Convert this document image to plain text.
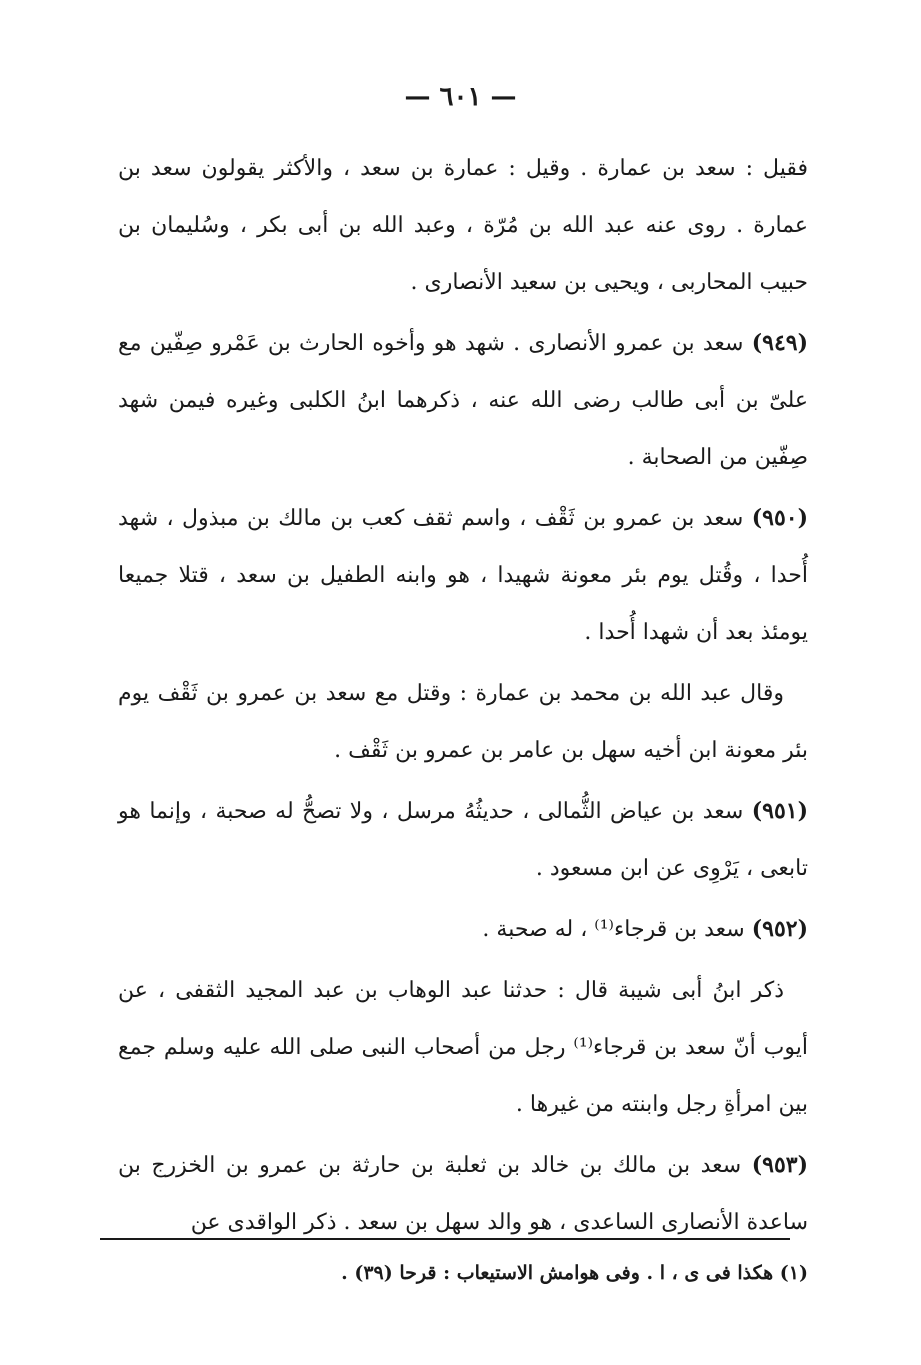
— ٦٠١ —

فقيل : سعد بن عمارة . وقيل : عمارة بن سعد ، والأكثر يقولون سعد بن عمارة . روى عنه عبد الله بن مُرّة ، وعبد الله بن أبى بكر ، وسُليمان بن حبيب المحاربى ، ويحيى بن سعيد الأنصارى .

(٩٤٩) سعد بن عمرو الأنصارى . شهد هو وأخوه الحارث بن عَمْرو صِفّين مع علىّ بن أبى طالب رضى الله عنه ، ذكرهما ابنُ الكلبى وغيره فيمن شهد صِفّين من الصحابة .

(٩٥٠) سعد بن عمرو بن ثَقْف ، واسم ثقف كعب بن مالك بن مبذول ، شهد أُحدا ، وقُتل يوم بئر معونة شهيدا ، هو وابنه الطفيل بن سعد ، قتلا جميعا يومئذ بعد أن شهدا أُحدا .

وقال عبد الله بن محمد بن عمارة : وقتل مع سعد بن عمرو بن ثَقْف يوم بئر معونة ابن أخيه سهل بن عامر بن عمرو بن ثَقْف .

(٩٥١) سعد بن عياض الثُّمالى ، حديثُهُ مرسل ، ولا تصحُّ له صحبة ، وإنما هو تابعى ، يَرْوِى عن ابن مسعود .

(٩٥٢) سعد بن قرجاء⁽¹⁾ ، له صحبة .

ذكر ابنُ أبى شيبة قال : حدثنا عبد الوهاب بن عبد المجيد الثقفى ، عن أيوب أنّ سعد بن قرجاء⁽¹⁾ رجل من أصحاب النبى صلى الله عليه وسلم جمع بين امرأةِ رجل وابنته من غيرها .

(٩٥٣) سعد بن مالك بن خالد بن ثعلبة بن حارثة بن عمرو بن الخزرج بن ساعدة الأنصارى الساعدى ، هو والد سهل بن سعد . ذكر الواقدى عن

(١) هكذا فى ى ، ا . وفى هوامش الاستيعاب : قرحا (٣٩) .
